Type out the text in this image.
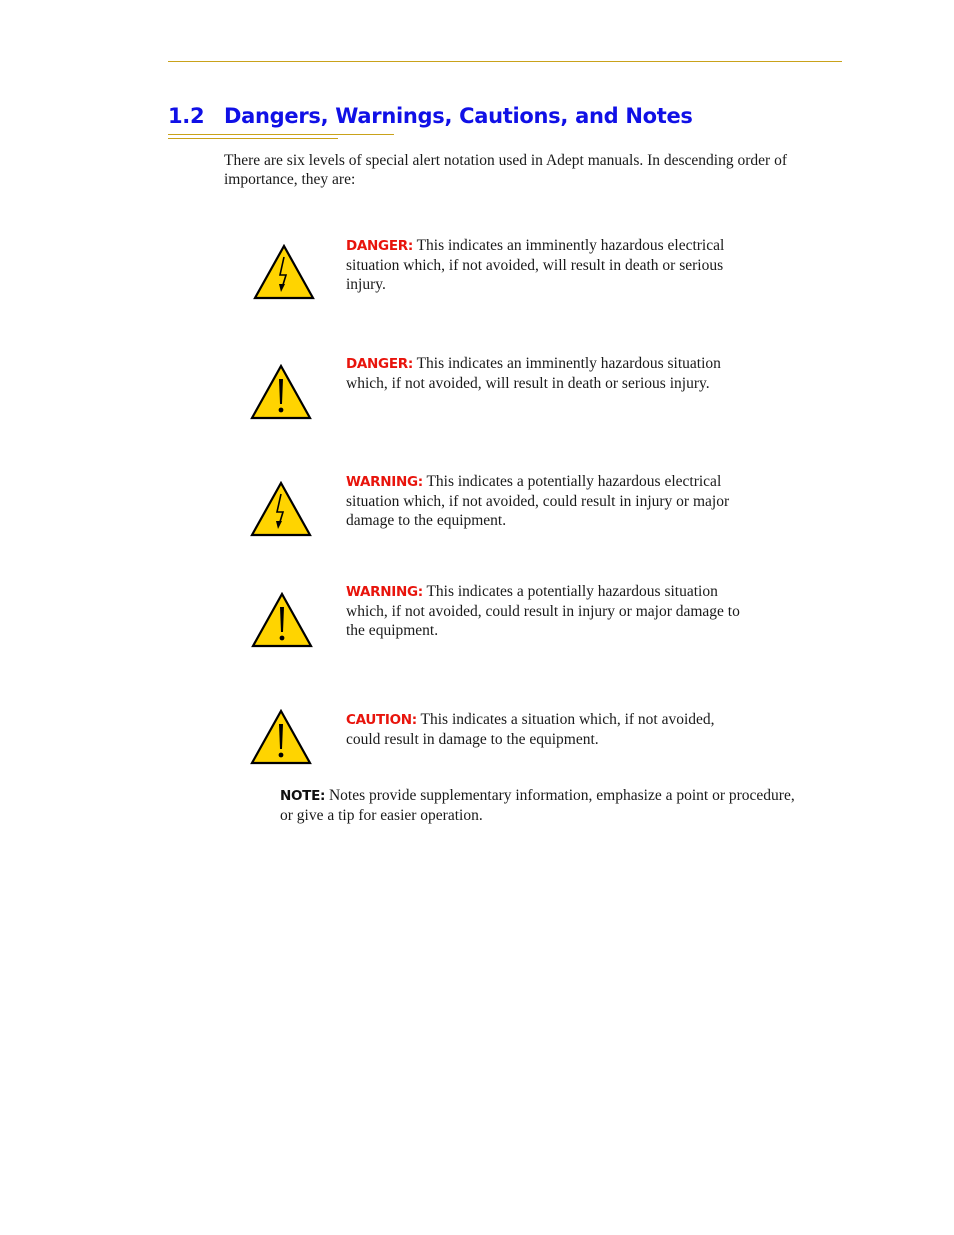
1.2 Dangers, Warnings, Cautions, and Notes

There are six levels of special alert notation used in Adept manuals. In descending order of importance, they are:

DANGER: This indicates an imminently hazardous electrical situation which, if not avoided, will result in death or serious injury.

DANGER: This indicates an imminently hazardous situation which, if not avoided, will result in death or serious injury.

WARNING: This indicates a potentially hazardous electrical situation which, if not avoided, could result in injury or major damage to the equipment.

WARNING: This indicates a potentially hazardous situation which, if not avoided, could result in injury or major damage to the equipment.

CAUTION: This indicates a situation which, if not avoided, could result in damage to the equipment.

NOTE: Notes provide supplementary information, emphasize a point or procedure, or give a tip for easier operation.
